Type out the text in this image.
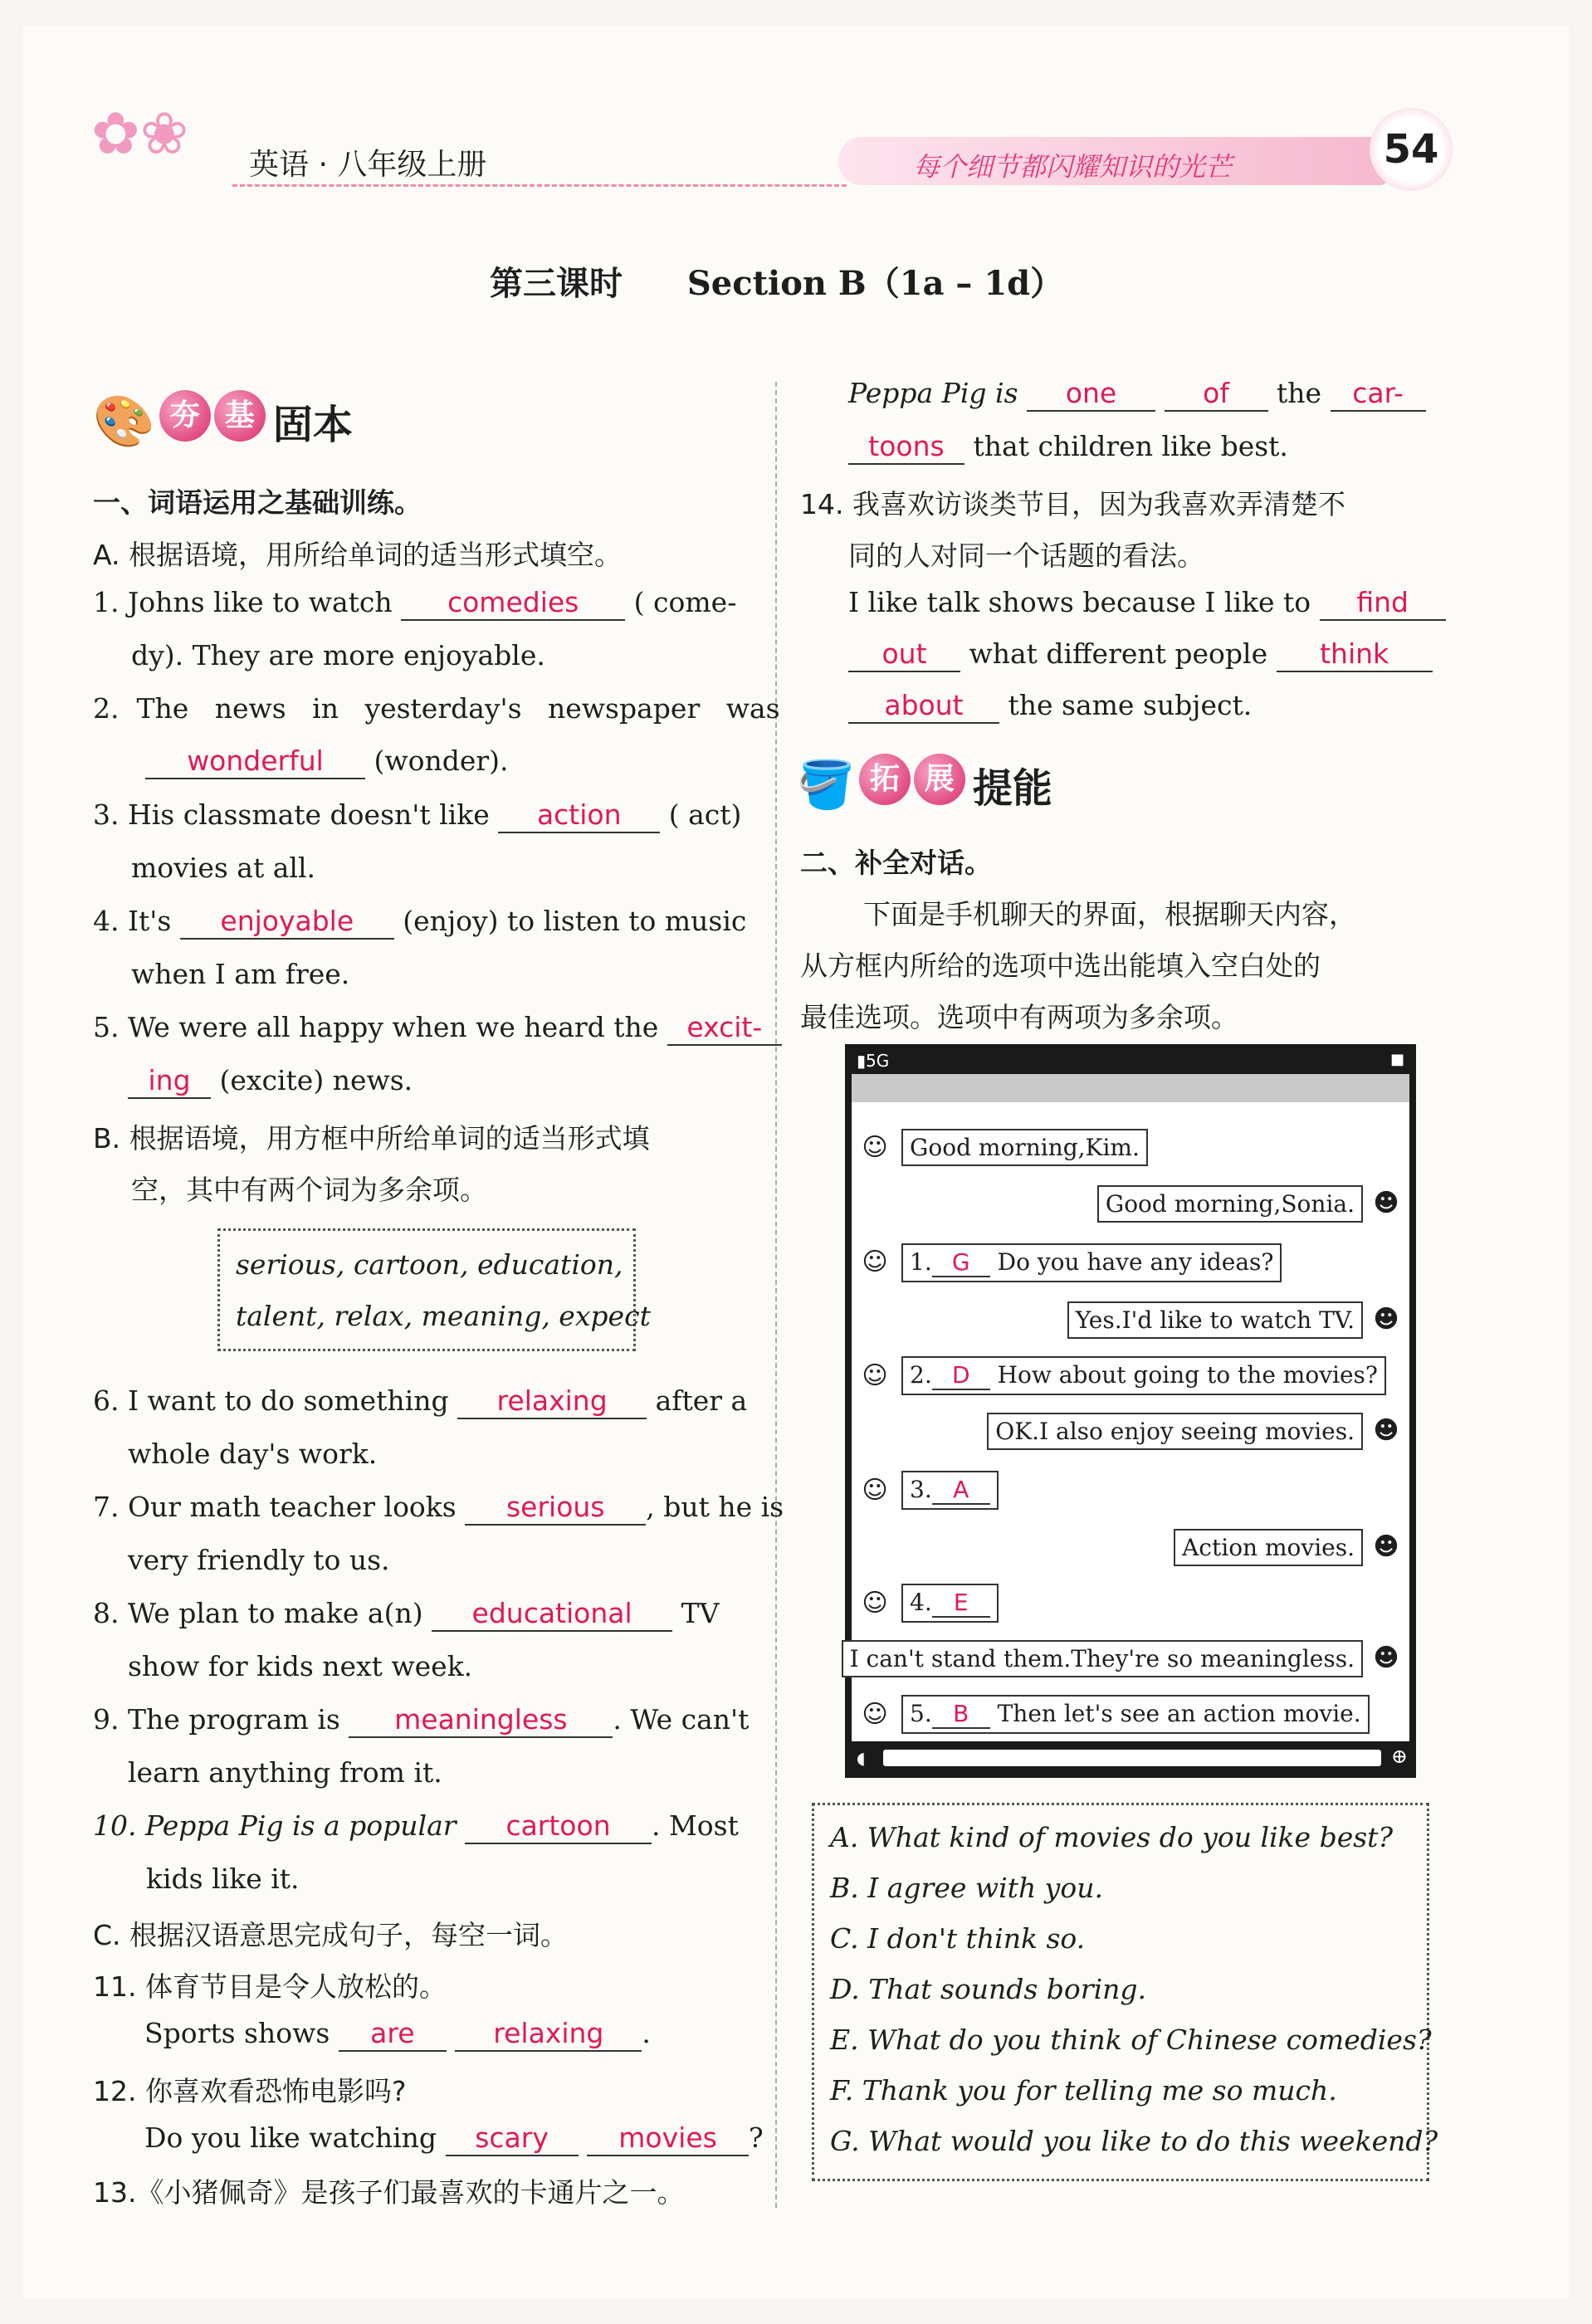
✿❀ 英语 · 八年级上册	每个细节都闪耀知识的光芒	54
第三课时 Section B（1a – 1d）
🎨 夯 基 固本
一、词语运用之基础训练。
A. 根据语境，用所给单词的适当形式填空。
1. Johns like to watch comedies ( come-
dy). They are more enjoyable.
2.  The   news   in   yesterday's   newspaper   was
wonderful (wonder).
3. His classmate doesn't like action ( act)
movies at all.
4. It's enjoyable (enjoy) to listen to music
when I am free.
5. We were all happy when we heard the excit-
ing (excite) news.
B. 根据语境，用方框中所给单词的适当形式填
空，其中有两个词为多余项。
serious, cartoon, education,
talent, relax, meaning, expect
6. I want to do something relaxing after a
whole day's work.
7. Our math teacher looks serious , but he is
very friendly to us.
8. We plan to make a(n) educational TV
show for kids next week.
9. The program is meaningless . We can't
learn anything from it.
10. Peppa Pig is a popular cartoon . Most
kids like it.
C. 根据汉语意思完成句子，每空一词。
11. 体育节目是令人放松的。
Sports shows are	relaxing .
12. 你喜欢看恐怖电影吗?
Do you like watching scary	movies ?
13.《小猪佩奇》是孩子们最喜欢的卡通片之一。
Peppa Pig is one	of the car-
toons that children like best.
14. 我喜欢访谈类节目，因为我喜欢弄清楚不
同的人对同一个话题的看法。
I like talk shows because I like to find
out what different people think
about the same subject.
🪣 拓 展 提能
二、补全对话。
下面是手机聊天的界面，根据聊天内容，
从方框内所给的选项中选出能填入空白处的
最佳选项。选项中有两项为多余项。
▮5G	■
☺ Good morning,Kim.
Good morning,Sonia. ☻
☺ 1. G Do you have any ideas?
Yes.I'd like to watch TV. ☻
☺ 2. D How about going to the movies?
OK.I also enjoy seeing movies. ☻
☺ 3. A
Action movies. ☻
☺ 4. E
I can't stand them.They're so meaningless. ☻
☺ 5. B Then let's see an action movie.
◖	⊕
A. What kind of movies do you like best?
B. I agree with you.
C. I don't think so.
D. That sounds boring.
E. What do you think of Chinese comedies?
F. Thank you for telling me so much.
G. What would you like to do this weekend?
